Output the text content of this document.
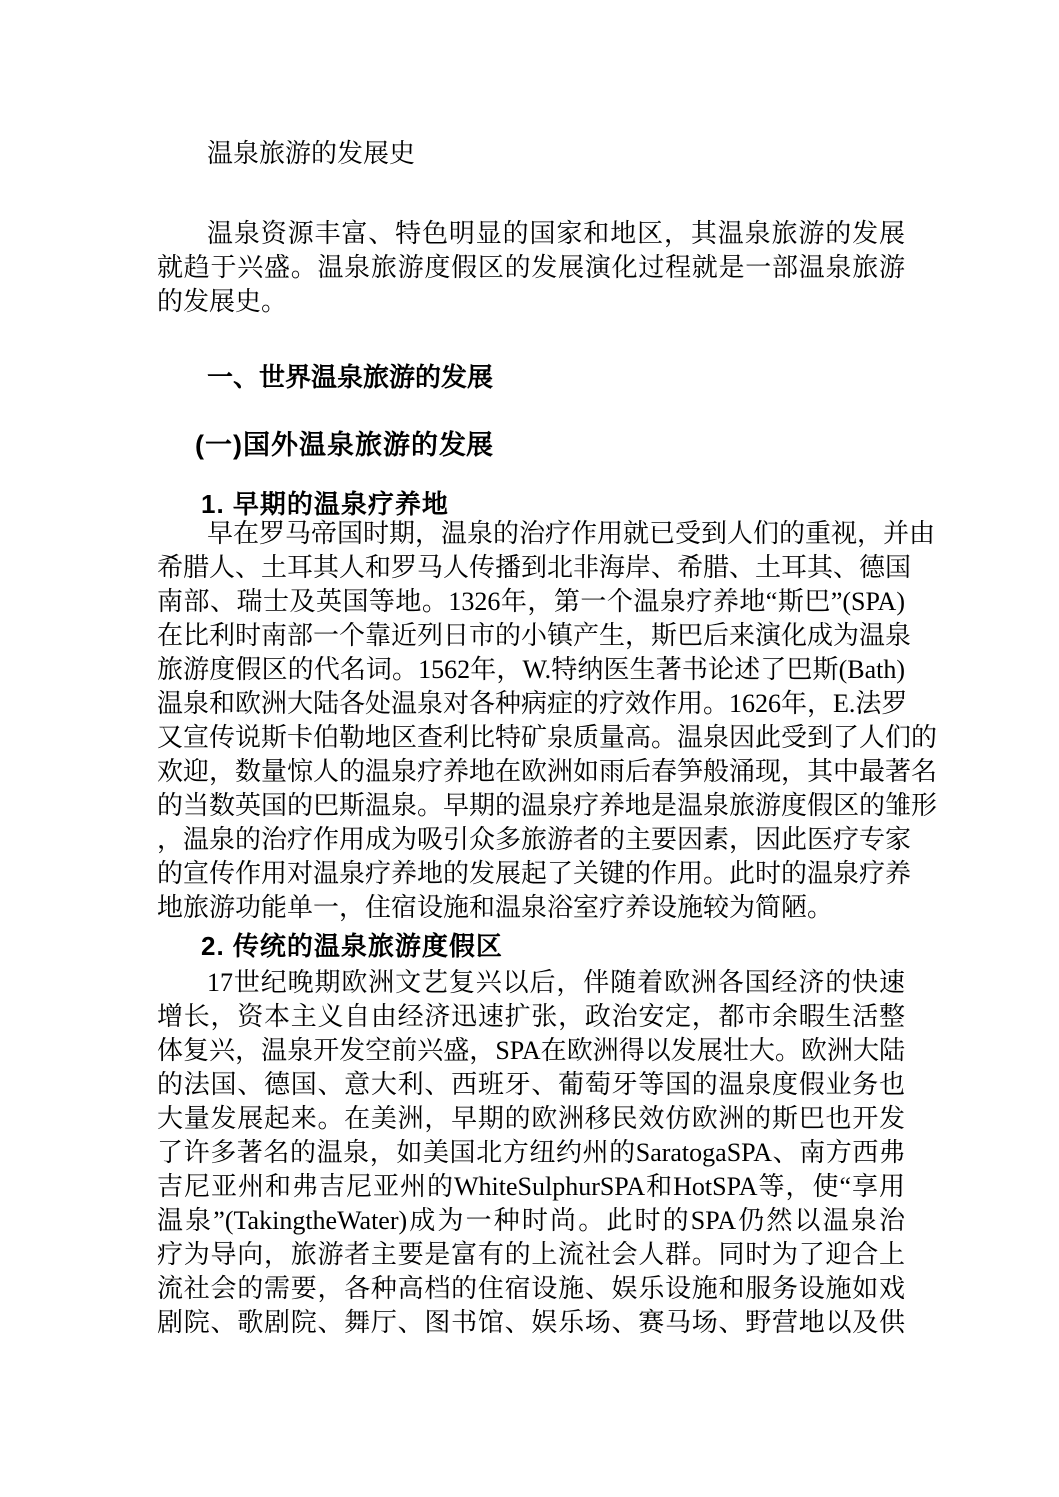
温泉旅游的发展史
温泉资源丰富、特色明显的国家和地区，其温泉旅游的发展
就趋于兴盛。温泉旅游度假区的发展演化过程就是一部温泉旅游
的发展史。
一、世界温泉旅游的发展
(一)国外温泉旅游的发展
1. 早期的温泉疗养地
早在罗马帝国时期，温泉的治疗作用就已受到人们的重视，并由
希腊人、土耳其人和罗马人传播到北非海岸、希腊、土耳其、德国
南部、瑞士及英国等地。1326年，第一个温泉疗养地“斯巴”(SPA)
在比利时南部一个靠近列日市的小镇产生，斯巴后来演化成为温泉
旅游度假区的代名词。1562年，W.特纳医生著书论述了巴斯(Bath)
温泉和欧洲大陆各处温泉对各种病症的疗效作用。1626年，E.法罗
又宣传说斯卡伯勒地区查利比特矿泉质量高。温泉因此受到了人们的
欢迎，数量惊人的温泉疗养地在欧洲如雨后春笋般涌现，其中最著名
的当数英国的巴斯温泉。早期的温泉疗养地是温泉旅游度假区的雏形
，温泉的治疗作用成为吸引众多旅游者的主要因素，因此医疗专家
的宣传作用对温泉疗养地的发展起了关键的作用。此时的温泉疗养
地旅游功能单一，住宿设施和温泉浴室疗养设施较为简陋。
2. 传统的温泉旅游度假区
17世纪晚期欧洲文艺复兴以后，伴随着欧洲各国经济的快速
增长，资本主义自由经济迅速扩张，政治安定，都市余暇生活整
体复兴，温泉开发空前兴盛，SPA在欧洲得以发展壮大。欧洲大陆
的法国、德国、意大利、西班牙、葡萄牙等国的温泉度假业务也
大量发展起来。在美洲，早期的欧洲移民效仿欧洲的斯巴也开发
了许多著名的温泉，如美国北方纽约州的SaratogaSPA、南方西弗
吉尼亚州和弗吉尼亚州的WhiteSulphurSPA和HotSPA等，使“享用
温泉”(TakingtheWater)成为一种时尚。此时的SPA仍然以温泉治
疗为导向，旅游者主要是富有的上流社会人群。同时为了迎合上
流社会的需要，各种高档的住宿设施、娱乐设施和服务设施如戏
剧院、歌剧院、舞厅、图书馆、娱乐场、赛马场、野营地以及供
